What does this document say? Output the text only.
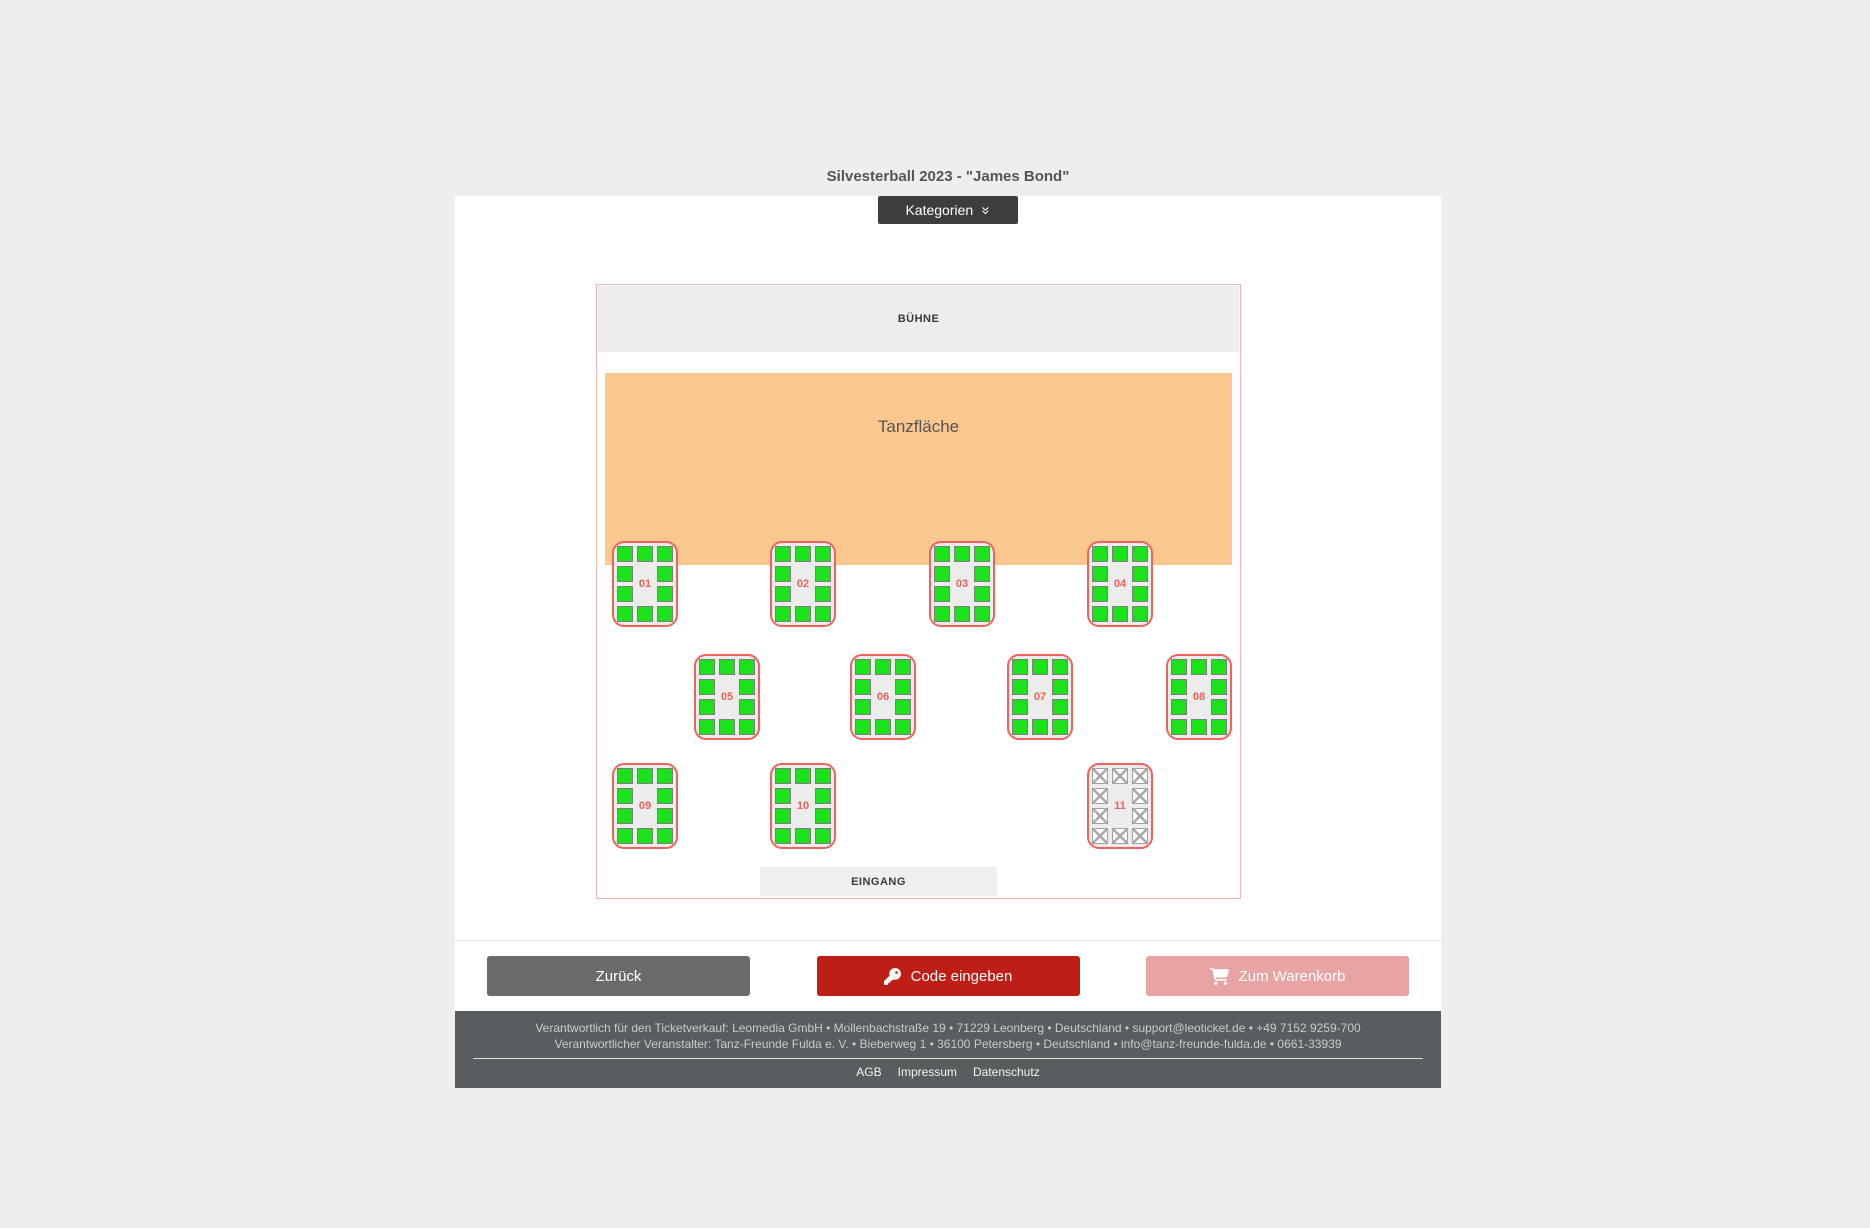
Silvesterball 2023 - "James Bond"
Kategorien »
BÜHNE
Tanzfläche
EINGANG
01	02	03	04
05	06	07	08
09	10	11
Zurück	Code eingeben	Zum Warenkorb
Verantwortlich für den Ticketverkauf: Leomedia GmbH • Mollenbachstraße 19 • 71229 Leonberg • Deutschland • support@leoticket.de • +49 7152 9259-700
Verantwortlicher Veranstalter: Tanz-Freunde Fulda e. V. • Bieberweg 1 • 36100 Petersberg • Deutschland • info@tanz-freunde-fulda.de • 0661-33939
AGB Impressum Datenschutz
